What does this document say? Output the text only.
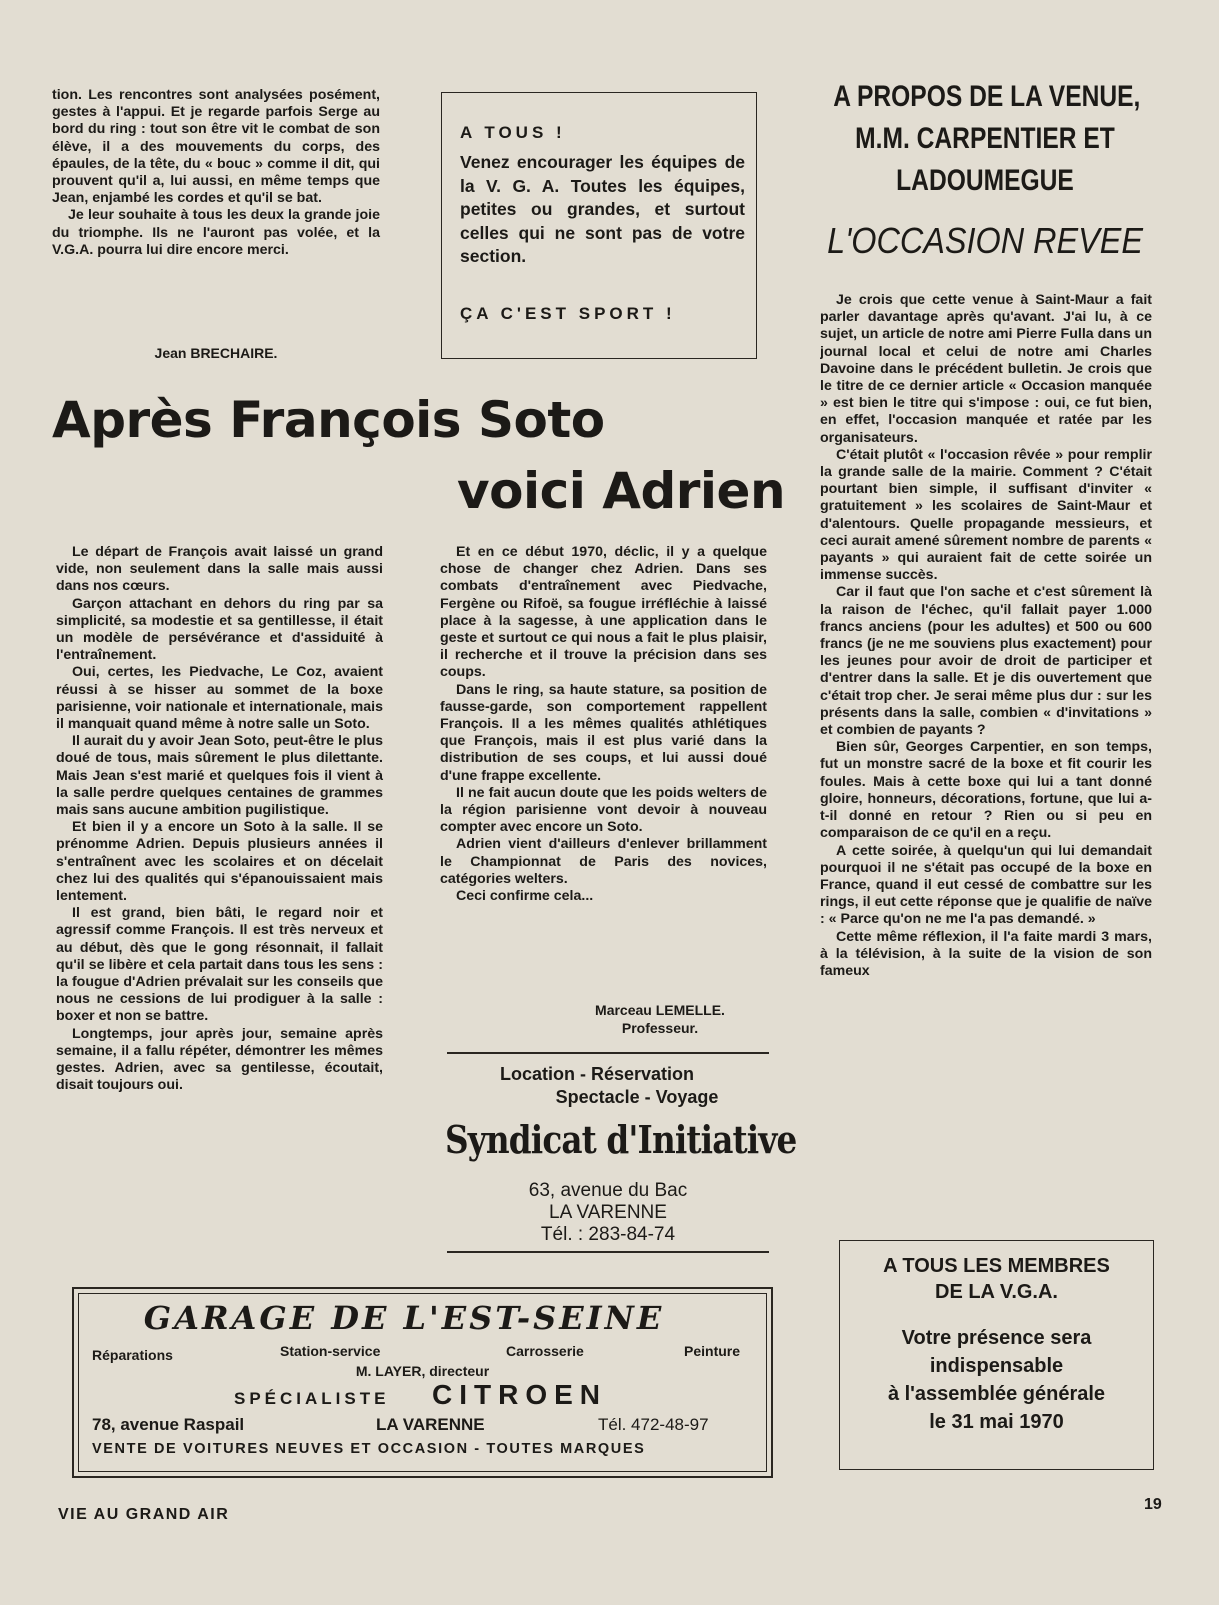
tion. Les rencontres sont analysées posément, gestes à l'appui. Et je regarde parfois Serge au bord du ring : tout son être vit le combat de son élève, il a des mouvements du corps, des épaules, de la tête, du « bouc » comme il dit, qui prouvent qu'il a, lui aussi, en même temps que Jean, enjambé les cordes et qu'il se bat.

Je leur souhaite à tous les deux la grande joie du triomphe. Ils ne l'auront pas volée, et la V.G.A. pourra lui dire encore merci.

Jean BRECHAIRE.
A TOUS !
Venez encourager les équipes de la V. G. A. Toutes les équipes, petites ou grandes, et surtout celles qui ne sont pas de votre section.
ÇA C'EST SPORT !
Après François Soto
voici Adrien

Le départ de François avait laissé un grand vide, non seulement dans la salle mais aussi dans nos cœurs.

Garçon attachant en dehors du ring par sa simplicité, sa modestie et sa gentillesse, il était un modèle de persévérance et d'assiduité à l'entraînement.

Oui, certes, les Piedvache, Le Coz, avaient réussi à se hisser au sommet de la boxe parisienne, voir nationale et internationale, mais il manquait quand même à notre salle un Soto.

Il aurait du y avoir Jean Soto, peut-être le plus doué de tous, mais sûrement le plus dilettante. Mais Jean s'est marié et quelques fois il vient à la salle perdre quelques centaines de grammes mais sans aucune ambition pugilistique.

Et bien il y a encore un Soto à la salle. Il se prénomme Adrien. Depuis plusieurs années il s'entraînent avec les scolaires et on décelait chez lui des qualités qui s'épanouissaient mais lentement.

Il est grand, bien bâti, le regard noir et agressif comme François. Il est très nerveux et au début, dès que le gong résonnait, il fallait qu'il se libère et cela partait dans tous les sens : la fougue d'Adrien prévalait sur les conseils que nous ne cessions de lui prodiguer à la salle : boxer et non se battre.

Longtemps, jour après jour, semaine après semaine, il a fallu répéter, démontrer les mêmes gestes. Adrien, avec sa gentilesse, écoutait, disait toujours oui.

Et en ce début 1970, déclic, il y a quelque chose de changer chez Adrien. Dans ses combats d'entraînement avec Piedvache, Fergène ou Rifoë, sa fougue irréfléchie à laissé place à la sagesse, à une application dans le geste et surtout ce qui nous a fait le plus plaisir, il recherche et il trouve la précision dans ses coups.

Dans le ring, sa haute stature, sa position de fausse-garde, son comportement rappellent François. Il a les mêmes qualités athlétiques que François, mais il est plus varié dans la distribution de ses coups, et lui aussi doué d'une frappe excellente.

Il ne fait aucun doute que les poids welters de la région parisienne vont devoir à nouveau compter avec encore un Soto.

Adrien vient d'ailleurs d'enlever brillamment le Championnat de Paris des novices, catégories welters.

Ceci confirme cela...

Marceau LEMELLE.
Professeur.
Location - Réservation
Spectacle - Voyage
Syndicat d'Initiative
63, avenue du Bac
LA VARENNE
Tél. : 283-84-74
A PROPOS DE LA VENUE,
M.M. CARPENTIER ET
LADOUMEGUE
L'OCCASION REVEE

Je crois que cette venue à Saint-Maur a fait parler davantage après qu'avant. J'ai lu, à ce sujet, un article de notre ami Pierre Fulla dans un journal local et celui de notre ami Charles Davoine dans le précédent bulletin. Je crois que le titre de ce dernier article « Occasion manquée » est bien le titre qui s'impose : oui, ce fut bien, en effet, l'occasion manquée et ratée par les organisateurs.

C'était plutôt « l'occasion rêvée » pour remplir la grande salle de la mairie. Comment ? C'était pourtant bien simple, il suffisant d'inviter « gratuitement » les scolaires de Saint-Maur et d'alentours. Quelle propagande messieurs, et ceci aurait amené sûrement nombre de parents « payants » qui auraient fait de cette soirée un immense succès.

Car il faut que l'on sache et c'est sûrement là la raison de l'échec, qu'il fallait payer 1.000 francs anciens (pour les adultes) et 500 ou 600 francs (je ne me souviens plus exactement) pour les jeunes pour avoir de droit de participer et d'entrer dans la salle. Et je dis ouvertement que c'était trop cher. Je serai même plus dur : sur les présents dans la salle, combien « d'invitations » et combien de payants ?

Bien sûr, Georges Carpentier, en son temps, fut un monstre sacré de la boxe et fit courir les foules. Mais à cette boxe qui lui a tant donné gloire, honneurs, décorations, fortune, que lui a-t-il donné en retour ? Rien ou si peu en comparaison de ce qu'il en a reçu.

A cette soirée, à quelqu'un qui lui demandait pourquoi il ne s'était pas occupé de la boxe en France, quand il eut cessé de combattre sur les rings, il eut cette réponse que je qualifie de naïve : « Parce qu'on ne me l'a pas demandé. »

Cette même réflexion, il l'a faite mardi 3 mars, à la télévision, à la suite de la vision de son fameux

A TOUS LES MEMBRES
DE LA V.G.A.
Votre présence sera
indispensable
à l'assemblée générale
le 31 mai 1970
GARAGE DE L'EST-SEINE
Réparations	Station-service	Carrosserie	Peinture
M. LAYER, directeur
SPÉCIALISTE CITROEN
78, avenue Raspail	LA VARENNE	Tél. 472-48-97
VENTE DE VOITURES NEUVES ET OCCASION - TOUTES MARQUES
VIE AU GRAND AIR
19
